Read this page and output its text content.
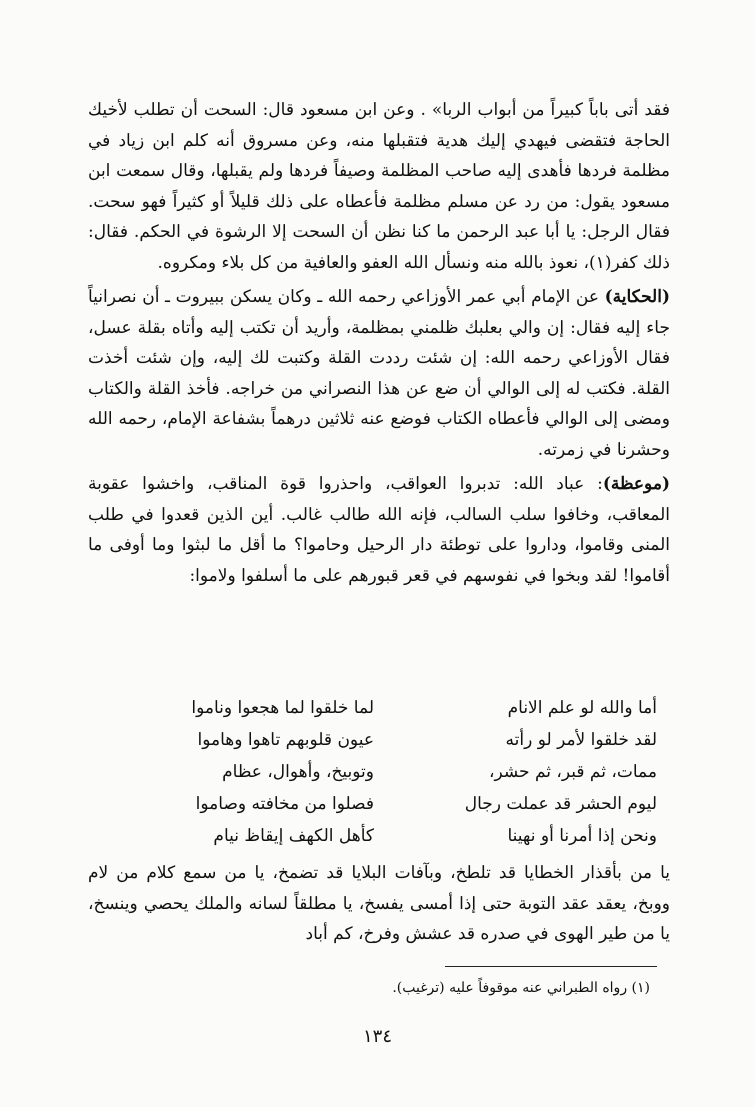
فقد أتى باباً كبيراً من أبواب الربا» . وعن ابن مسعود قال: السحت أن تطلب لأخيك الحاجة فتقضى فيهدي إليك هدية فتقبلها منه، وعن مسروق أنه كلم ابن زياد في مظلمة فردها فأهدى إليه صاحب المظلمة وصيفاً فردها ولم يقبلها، وقال سمعت ابن مسعود يقول: من رد عن مسلم مظلمة فأعطاه على ذلك قليلاً أو كثيراً فهو سحت. فقال الرجل: يا أبا عبد الرحمن ما كنا نظن أن السحت إلا الرشوة في الحكم. فقال: ذلك كفر(١)، نعوذ بالله منه ونسأل الله العفو والعافية من كل بلاء ومكروه.

(الحكاية) عن الإمام أبي عمر الأوزاعي رحمه الله ـ وكان يسكن ببيروت ـ أن نصرانياً جاء إليه فقال: إن والي بعلبك ظلمني بمظلمة، وأريد أن تكتب إليه وأتاه بقلة عسل، فقال الأوزاعي رحمه الله: إن شئت رددت القلة وكتبت لك إليه، وإن شئت أخذت القلة. فكتب له إلى الوالي أن ضع عن هذا النصراني من خراجه. فأخذ القلة والكتاب ومضى إلى الوالي فأعطاه الكتاب فوضع عنه ثلاثين درهماً بشفاعة الإمام، رحمه الله وحشرنا في زمرته.

(موعظة): عباد الله: تدبروا العواقب، واحذروا قوة المناقب، واخشوا عقوبة المعاقب، وخافوا سلب السالب، فإنه الله طالب غالب. أين الذين قعدوا في طلب المنى وقاموا، وداروا على توطئة دار الرحيل وحاموا؟ ما أقل ما لبثوا وما أوفى ما أقاموا! لقد وبخوا في نفوسهم في قعر قبورهم على ما أسلفوا ولاموا:

أما والله لو علم الانام
لما خلقوا لما هجعوا وناموا
لقد خلقوا لأمر لو رأته
عيون قلوبهم تاهوا وهاموا
ممات، ثم قبر، ثم حشر،
وتوبيخ، وأهوال، عظام
ليوم الحشر قد عملت رجال
فصلوا من مخافته وصاموا
ونحن إذا أمرنا أو نهينا
كأهل الكهف إيقاظ نيام
يا من بأقذار الخطايا قد تلطخ، وبآفات البلايا قد تضمخ، يا من سمع كلام من لام ووبخ، يعقد عقد التوبة حتى إذا أمسى يفسخ، يا مطلقاً لسانه والملك يحصي وينسخ، يا من طير الهوى في صدره قد عشش وفرخ، كم أباد
(١) رواه الطبراني عنه موقوفاً عليه (ترغيب).
١٣٤
